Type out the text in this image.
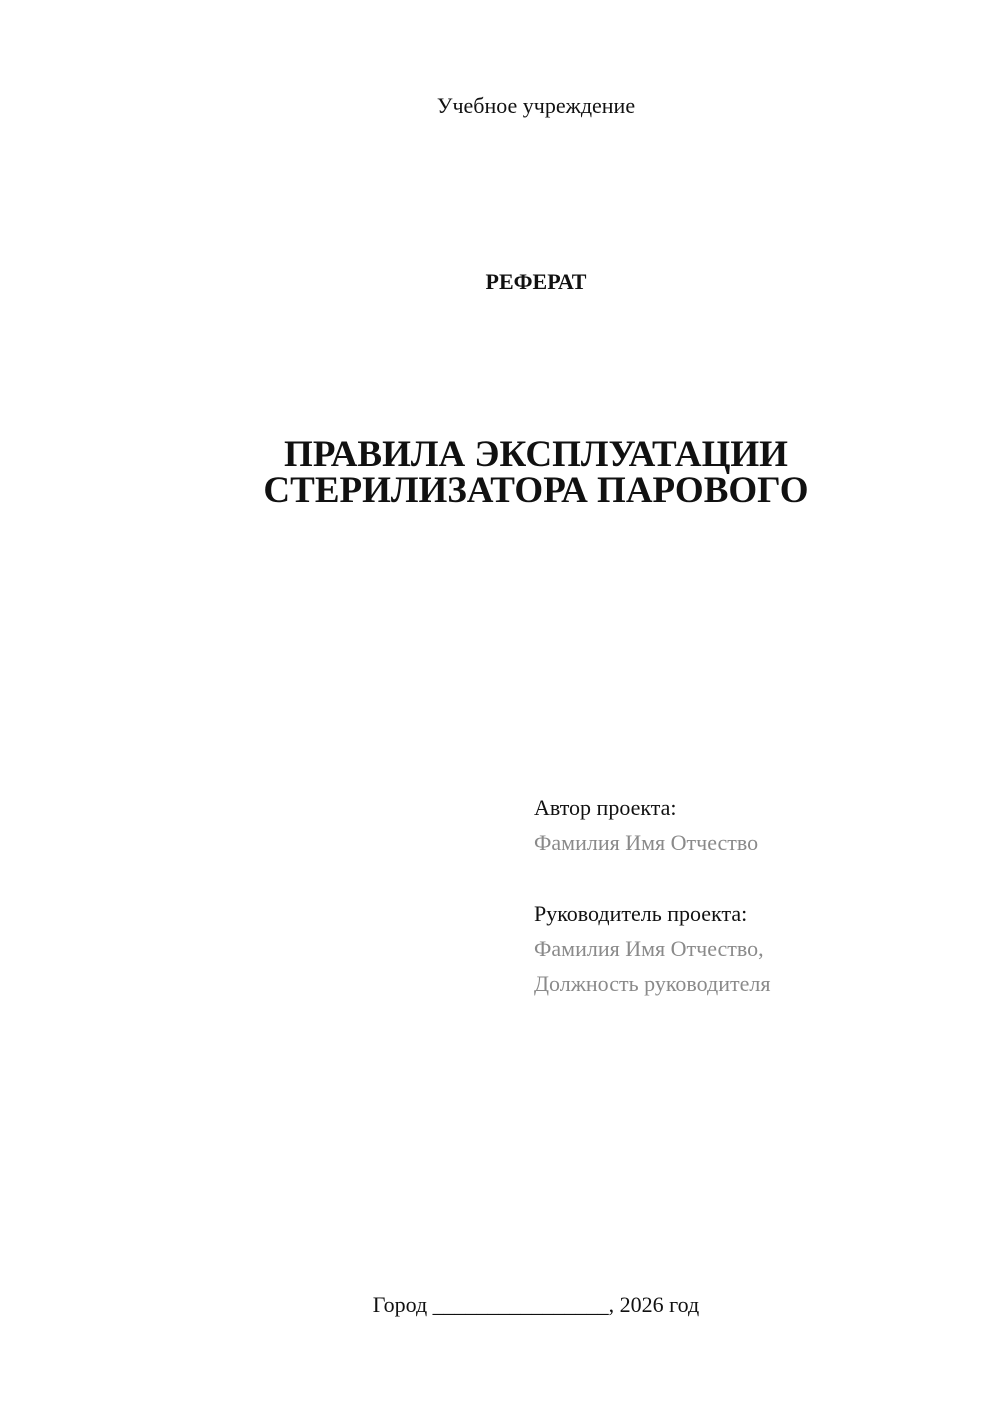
Учебное учреждение
РЕФЕРАТ
ПРАВИЛА ЭКСПЛУАТАЦИИ
СТЕРИЛИЗАТОРА ПАРОВОГО
Автор проекта:
Фамилия Имя Отчество
Руководитель проекта:
Фамилия Имя Отчество,
Должность руководителя
Город ________________, 2026 год
